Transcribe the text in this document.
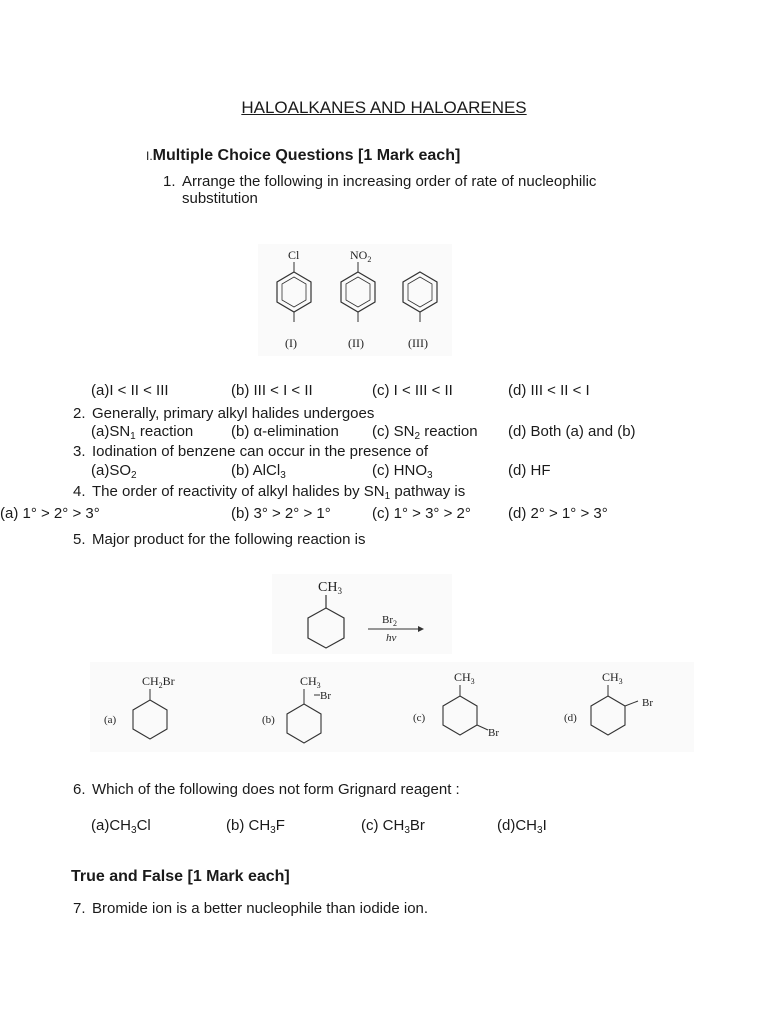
HALOALKANES AND HALOARENES
I.Multiple Choice Questions [1 Mark each]
1. Arrange the following in increasing order of rate of nucleophilic
substitution
Cl
(I)
$NO_2$
(II)	(III)
(a)I < II < III	(b) III < I < II	(c) I < III < II	(d) III < II < I
2. Generally, primary alkyl halides undergoes
$(a)SN_1$ reaction	(b) α-elimination (c) $SN_2$ reaction (d) Both (a) and (b)
3. Iodination of benzene can occur in the presence of
$(a)SO_2$	(b) AlCl$_3$	(c) $HNO_3$	(d) HF
4. The order of reactivity of alkyl halides by $SN_1$ pathway is
(a) 1° > 2° > 3°	(b) 3° > 2° > 1°	(c) 1° > 3° > 2° (d) 2° > 1° > 3°
5. Major product for the following reaction is
$CH_3$
$Br_2$
hν
(a)
$CH_2Br$
(b)
$CH_3$
Br
(c)
$CH_3$
Br
(d)
$CH_3$
Br
6. Which of the following does not form Grignard reagent :
$(a)CH_3Cl$	(b) $CH_3F$	(c) $CH_3Br$	$(d)CH_3I$
True and False [1 Mark each]
7. Bromide ion is a better nucleophile than iodide ion.
